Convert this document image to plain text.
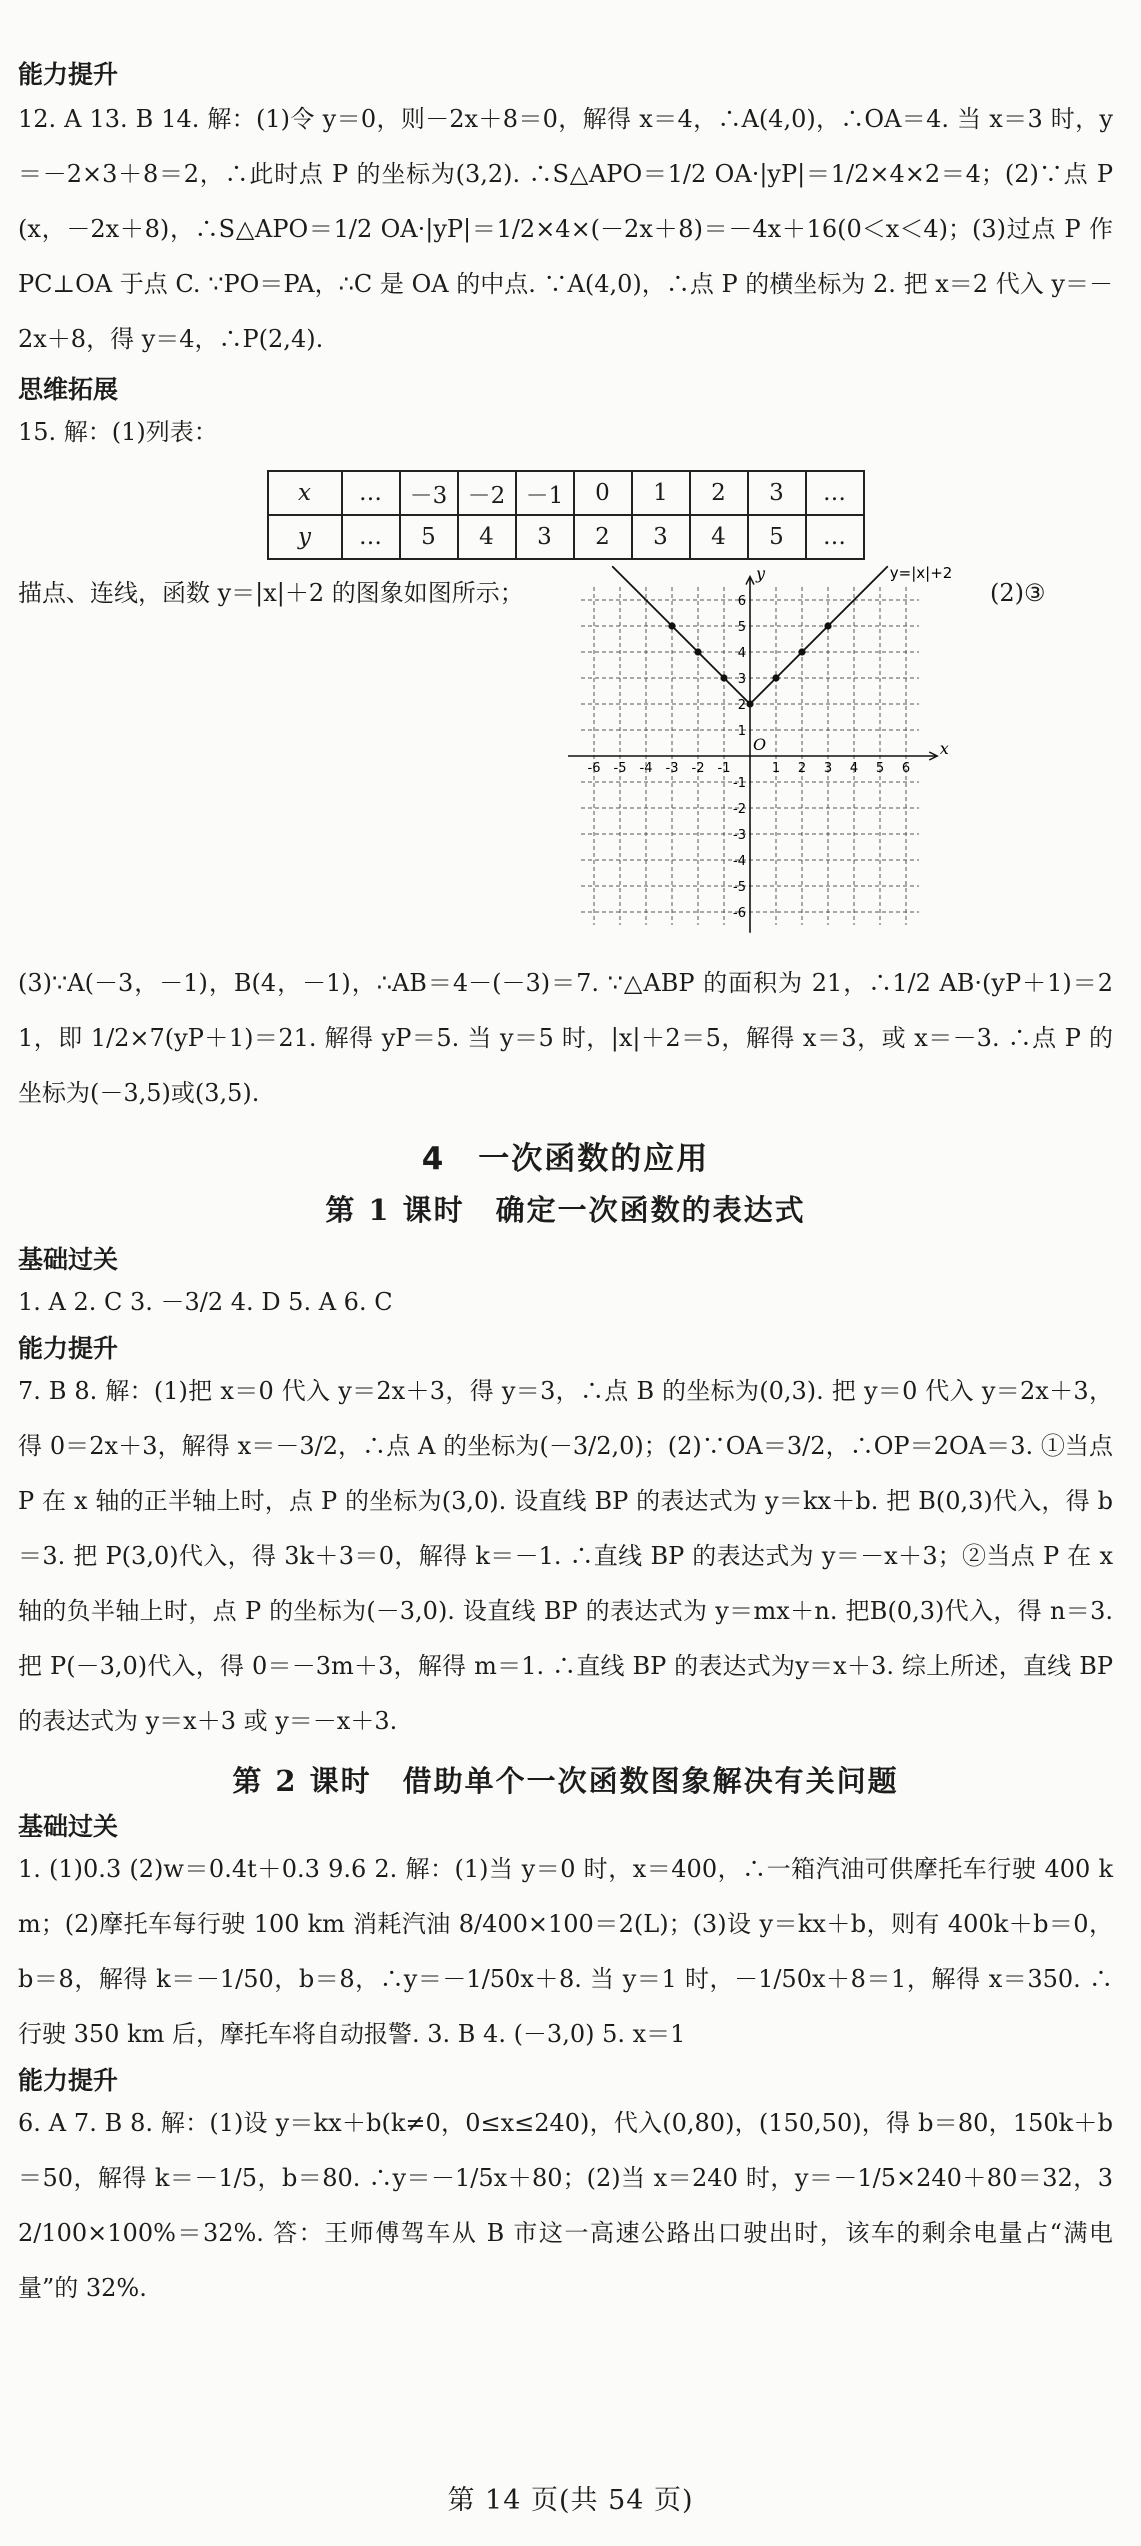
能力提升

12. A 13. B 14. 解：(1)令 y＝0，则－2x＋8＝0，解得 x＝4，∴A(4,0)，∴OA＝4. 当 x＝3 时，y＝－2×3＋8＝2，∴此时点 P 的坐标为(3,2). ∴S△APO＝1/2 OA·|yP|＝1/2×4×2＝4；(2)∵点 P(x，－2x＋8)，∴S△APO＝1/2 OA·|yP|＝1/2×4×(－2x＋8)＝－4x＋16(0＜x＜4)；(3)过点 P 作 PC⊥OA 于点 C. ∵PO＝PA，∴C 是 OA 的中点. ∵A(4,0)，∴点 P 的横坐标为 2. 把 x＝2 代入 y＝－2x＋8，得 y＝4，∴P(2,4).

思维拓展

15. 解：(1)列表：

x	…	－3	－2	－1	0	1	2	3	…
y	…	5	4	3	2	3	4	5	…
描点、连线，函数 y＝|x|＋2 的图象如图所示；
x
y
O
-6 -5 -4 -3 -2 -1	1 2 3 4 5 6
6
5
4
3
2
1
-1
-2
-3
-4
-5
-6
y=|x|+2
(2)③

(3)∵A(－3，－1)，B(4，－1)，∴AB＝4－(－3)＝7. ∵△ABP 的面积为 21，∴1/2 AB·(yP＋1)＝21，即 1/2×7(yP＋1)＝21. 解得 yP＝5. 当 y＝5 时，|x|＋2＝5，解得 x＝3，或 x＝－3. ∴点 P 的坐标为(－3,5)或(3,5).

4　一次函数的应用
第 1 课时　确定一次函数的表达式
基础过关

1. A 2. C 3. －3/2 4. D 5. A 6. C

能力提升

7. B 8. 解：(1)把 x＝0 代入 y＝2x＋3，得 y＝3，∴点 B 的坐标为(0,3). 把 y＝0 代入 y＝2x＋3，得 0＝2x＋3，解得 x＝－3/2，∴点 A 的坐标为(－3/2,0)；(2)∵OA＝3/2，∴OP＝2OA＝3. ①当点 P 在 x 轴的正半轴上时，点 P 的坐标为(3,0). 设直线 BP 的表达式为 y＝kx＋b. 把 B(0,3)代入，得 b＝3. 把 P(3,0)代入，得 3k＋3＝0，解得 k＝－1. ∴直线 BP 的表达式为 y＝－x＋3；②当点 P 在 x 轴的负半轴上时，点 P 的坐标为(－3,0). 设直线 BP 的表达式为 y＝mx＋n. 把B(0,3)代入，得 n＝3. 把 P(－3,0)代入，得 0＝－3m＋3，解得 m＝1. ∴直线 BP 的表达式为y＝x＋3. 综上所述，直线 BP 的表达式为 y＝x＋3 或 y＝－x＋3.

第 2 课时　借助单个一次函数图象解决有关问题
基础过关

1. (1)0.3 (2)w＝0.4t＋0.3 9.6 2. 解：(1)当 y＝0 时，x＝400，∴一箱汽油可供摩托车行驶 400 km；(2)摩托车每行驶 100 km 消耗汽油 8/400×100＝2(L)；(3)设 y＝kx＋b，则有 400k＋b＝0，b＝8，解得 k＝－1/50，b＝8，∴y＝－1/50x＋8. 当 y＝1 时，－1/50x＋8＝1，解得 x＝350. ∴行驶 350 km 后，摩托车将自动报警. 3. B 4. (－3,0) 5. x＝1

能力提升

6. A 7. B 8. 解：(1)设 y＝kx＋b(k≠0，0≤x≤240)，代入(0,80)，(150,50)，得 b＝80，150k＋b＝50，解得 k＝－1/5，b＝80. ∴y＝－1/5x＋80；(2)当 x＝240 时，y＝－1/5×240＋80＝32，32/100×100%＝32%. 答：王师傅驾车从 B 市这一高速公路出口驶出时，该车的剩余电量占“满电量”的 32%.

第 14 页(共 54 页)
